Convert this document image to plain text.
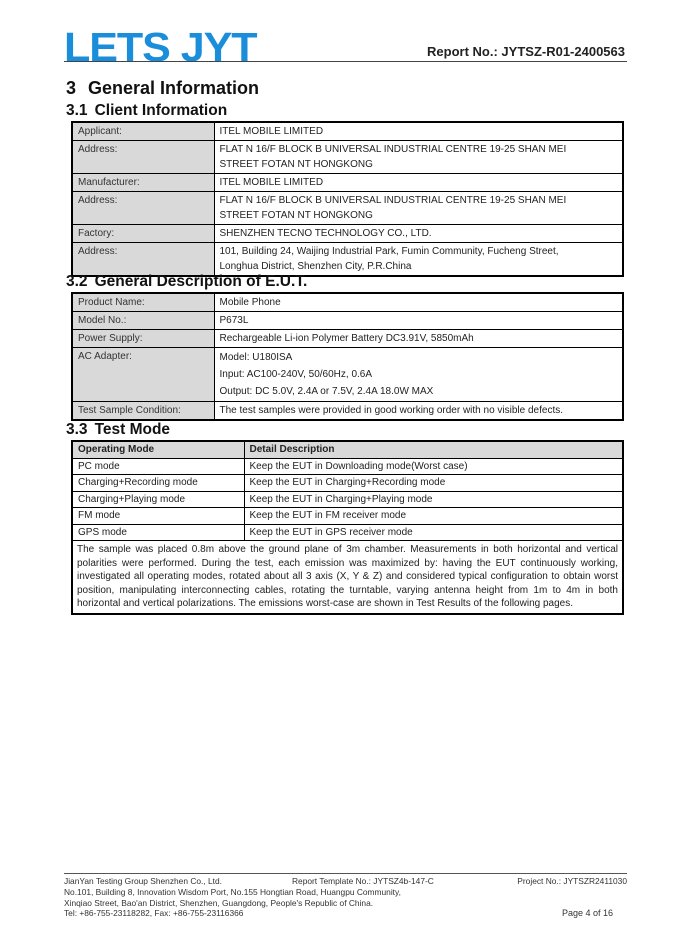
LETS JYT	Report No.: JYTSZ-R01-2400563
3 General Information
3.1 Client Information
Applicant:	ITEL MOBILE LIMITED

Address:	FLAT N 16/F BLOCK B UNIVERSAL INDUSTRIAL CENTRE 19-25 SHAN MEI
STREET FOTAN NT HONGKONG

Manufacturer:	ITEL MOBILE LIMITED

Address:	FLAT N 16/F BLOCK B UNIVERSAL INDUSTRIAL CENTRE 19-25 SHAN MEI
STREET FOTAN NT HONGKONG

Factory:	SHENZHEN TECNO TECHNOLOGY CO., LTD.

Address:	101, Building 24, Waijing Industrial Park, Fumin Community, Fucheng Street,
Longhua District, Shenzhen City, P.R.China
3.2 General Description of E.U.T.
Product Name:	Mobile Phone

Model No.:	P673L

Power Supply:	Rechargeable Li-ion Polymer Battery DC3.91V, 5850mAh

AC Adapter:	Model: U180ISA
Input: AC100-240V, 50/60Hz, 0.6A
Output: DC 5.0V, 2.4A or 7.5V, 2.4A 18.0W MAX

Test Sample Condition:	The test samples were provided in good working order with no visible defects.
3.3 Test Mode
Operating Mode	Detail Description
PC mode	Keep the EUT in Downloading mode(Worst case)
Charging+Recording mode	Keep the EUT in Charging+Recording mode
Charging+Playing mode	Keep the EUT in Charging+Playing mode
FM mode	Keep the EUT in FM receiver mode
GPS mode	Keep the EUT in GPS receiver mode
The sample was placed 0.8m above the ground plane of 3m chamber. Measurements in both horizontal and vertical polarities were performed. During the test, each emission was maximized by: having the EUT continuously working, investigated all operating modes, rotated about all 3 axis (X, Y & Z) and considered typical configuration to obtain worst position, manipulating interconnecting cables, rotating the turntable, varying antenna height from 1m to 4m in both horizontal and vertical polarizations. The emissions worst-case are shown in Test Results of the following pages.	
JianYan Testing Group Shenzhen Co., Ltd.	Report Template No.: JYTSZ4b-147-C	Project No.: JYTSZR2411030
No.101, Building 8, Innovation Wisdom Port, No.155 Hongtian Road, Huangpu Community,
Xinqiao Street, Bao'an District, Shenzhen, Guangdong, People's Republic of China.
Tel: +86-755-23118282, Fax: +86-755-23116366	Page 4 of 16
